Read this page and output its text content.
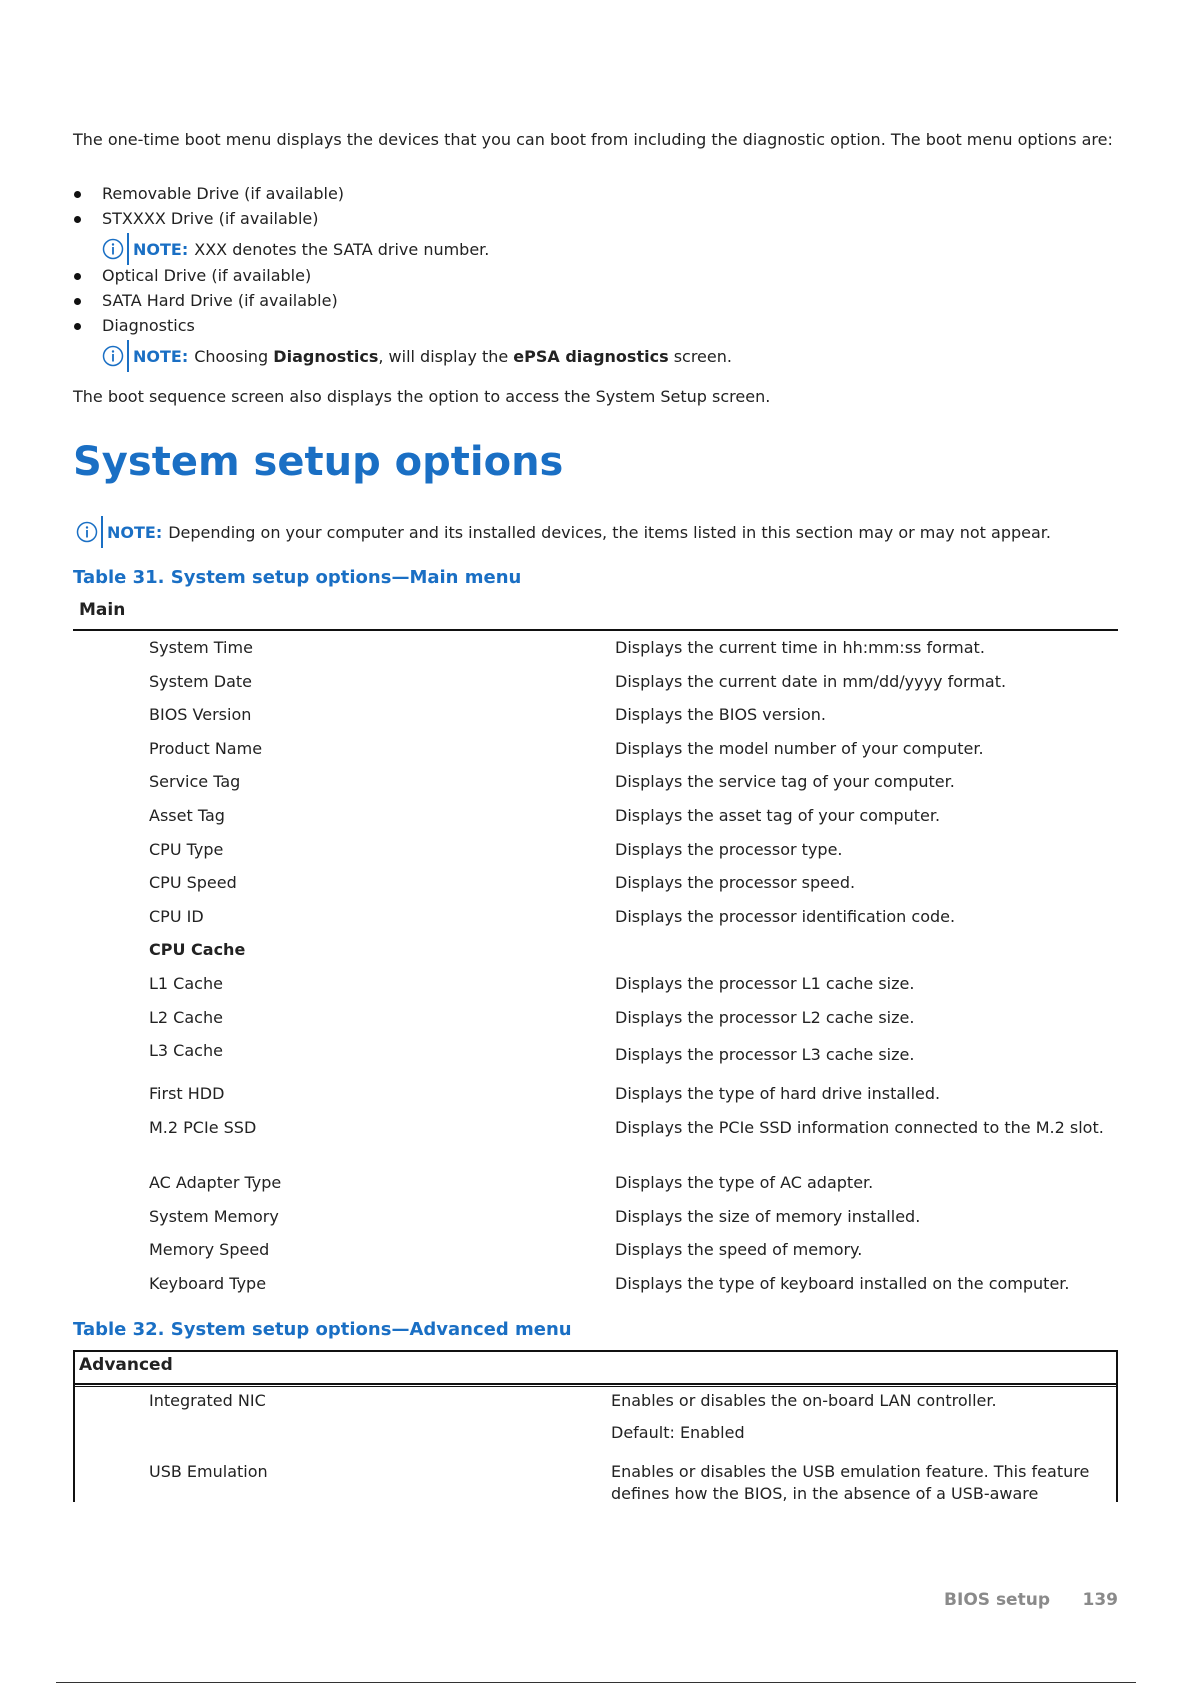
The one-time boot menu displays the devices that you can boot from including the diagnostic option. The boot menu options are:
Removable Drive (if available)
STXXXX Drive (if available)
NOTE: XXX denotes the SATA drive number.
Optical Drive (if available)
SATA Hard Drive (if available)
Diagnostics
NOTE: Choosing Diagnostics, will display the ePSA diagnostics screen.
The boot sequence screen also displays the option to access the System Setup screen.
System setup options
NOTE: Depending on your computer and its installed devices, the items listed in this section may or may not appear.
Table 31. System setup options—Main menu
Main
System Time	Displays the current time in hh:mm:ss format.
System Date	Displays the current date in mm/dd/yyyy format.
BIOS Version	Displays the BIOS version.
Product Name	Displays the model number of your computer.
Service Tag	Displays the service tag of your computer.
Asset Tag	Displays the asset tag of your computer.
CPU Type	Displays the processor type.
CPU Speed	Displays the processor speed.
CPU ID	Displays the processor identification code.
CPU Cache
L1 Cache	Displays the processor L1 cache size.
L2 Cache	Displays the processor L2 cache size.
L3 Cache	Displays the processor L3 cache size.
First HDD	Displays the type of hard drive installed.
M.2 PCIe SSD	Displays the PCIe SSD information connected to the M.2 slot.
AC Adapter Type	Displays the type of AC adapter.
System Memory	Displays the size of memory installed.
Memory Speed	Displays the speed of memory.
Keyboard Type	Displays the type of keyboard installed on the computer.
Table 32. System setup options—Advanced menu
Advanced
Integrated NIC	Enables or disables the on-board LAN controller.
Default: Enabled
USB Emulation	Enables or disables the USB emulation feature. This feature defines how the BIOS, in the absence of a USB-aware
BIOS setup 139
